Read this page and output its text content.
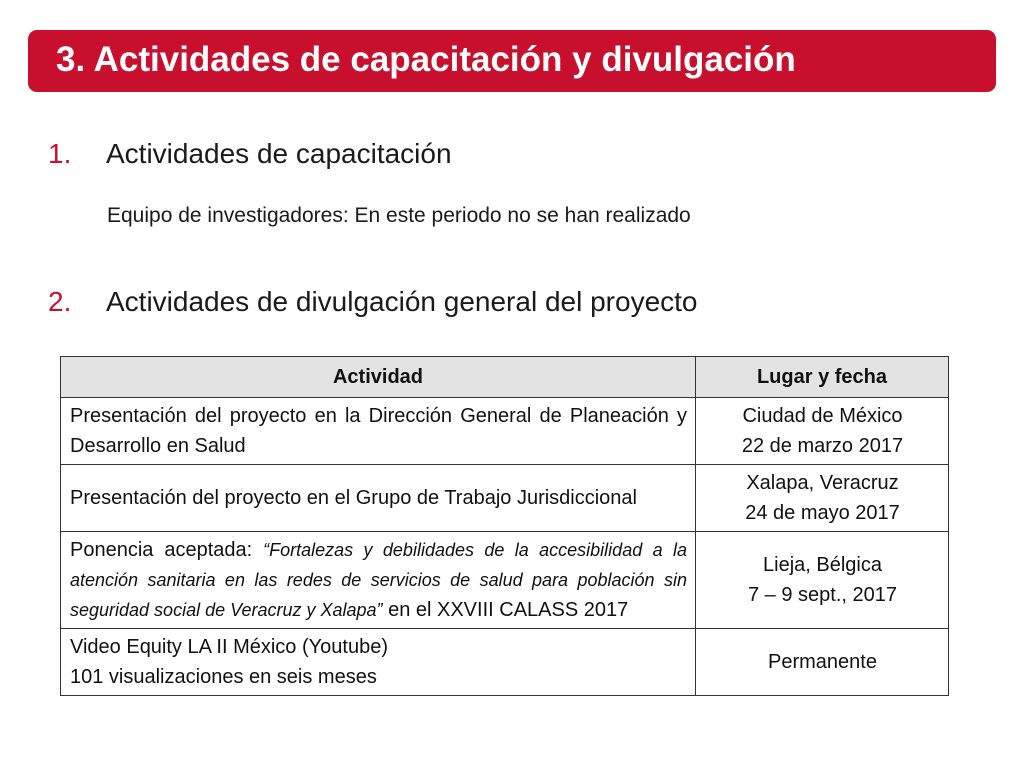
3. Actividades de capacitación y divulgación
1. Actividades de capacitación
Equipo de investigadores: En este periodo no se han realizado
2. Actividades de divulgación general del proyecto
Actividad	Lugar y fecha
Presentación del proyecto en la Dirección General de Planeación y Desarrollo en Salud	Ciudad de México
22 de marzo 2017

Presentación del proyecto en el Grupo de Trabajo Jurisdiccional	Xalapa, Veracruz
24 de mayo 2017

Ponencia aceptada: “Fortalezas y debilidades de la accesibilidad a la atención sanitaria en las redes de servicios de salud para población sin seguridad social de Veracruz y Xalapa” en el XXVIII CALASS 2017	Lieja, Bélgica
7 – 9 sept., 2017

Video Equity LA II México (Youtube)
101 visualizaciones en seis meses	Permanente
